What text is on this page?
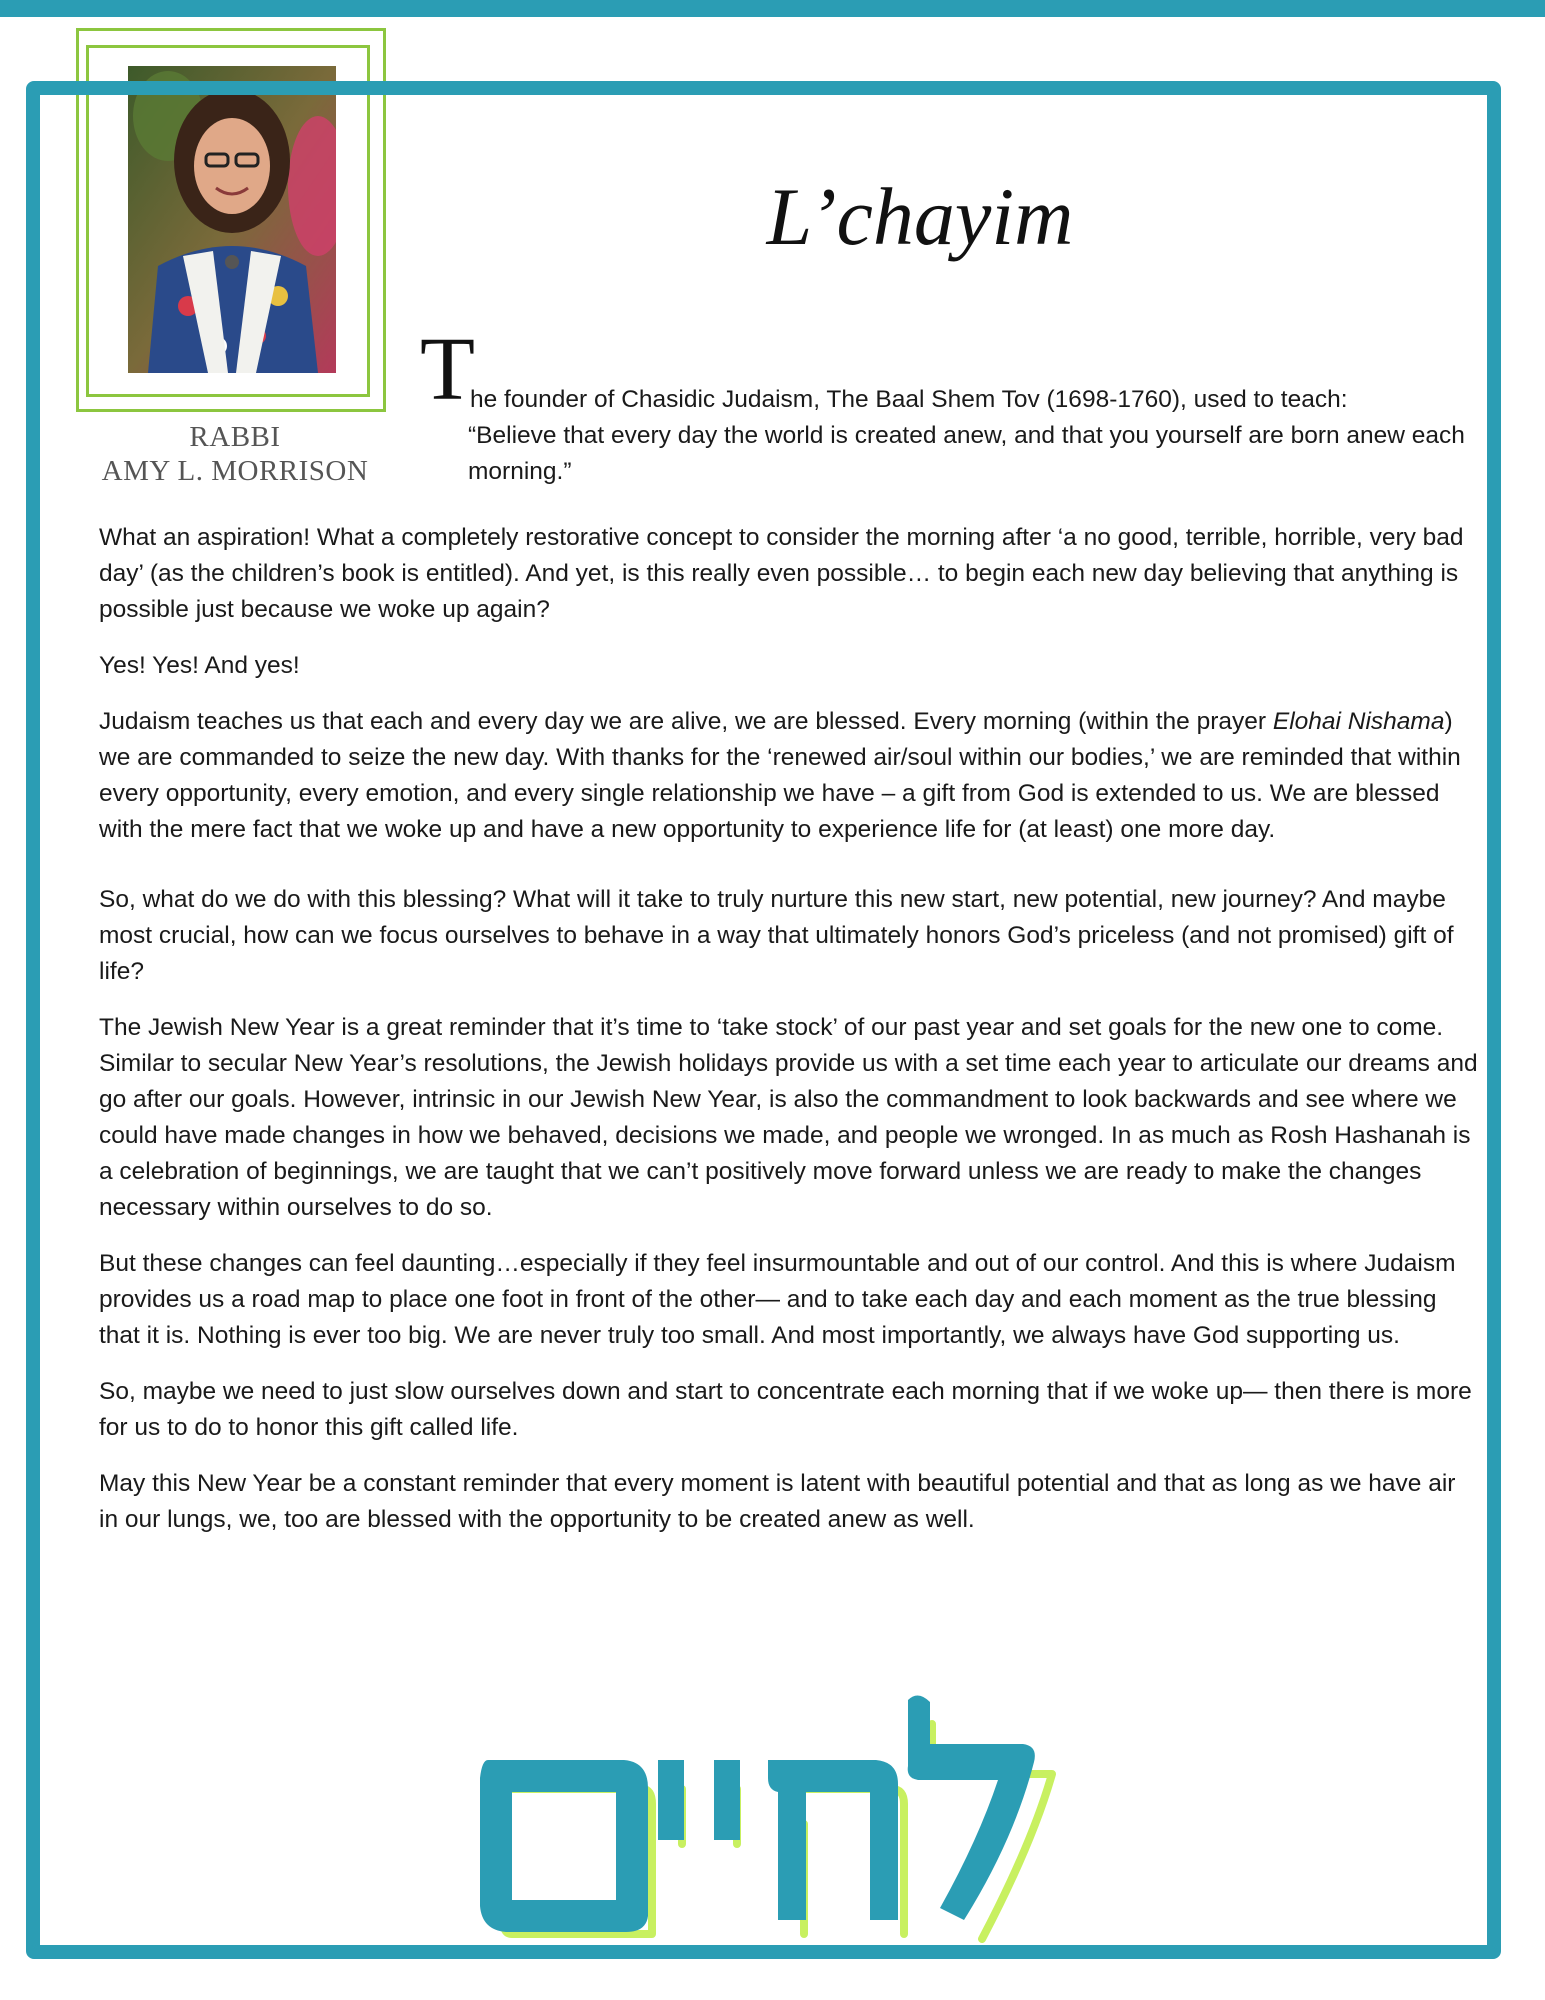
RABBI
AMY L. MORRISON
L’chayim
T
he founder of Chasidic Judaism, The Baal Shem Tov (1698-1760), used to teach:
“Believe that every day the world is created anew, and that you yourself are born anew each morning.”

What an aspiration! What a completely restorative concept to consider the morning after ‘a no good, terrible, horrible, very bad day’ (as the children’s book is entitled). And yet, is this really even possible… to begin each new day believing that anything is possible just because we woke up again?

Yes! Yes! And yes!

Judaism teaches us that each and every day we are alive, we are blessed. Every morning (within the prayer Elohai Nishama) we are commanded to seize the new day. With thanks for the ‘renewed air/soul within our bodies,’ we are reminded that within every opportunity, every emotion, and every single relationship we have – a gift from God is extended to us. We are blessed with the mere fact that we woke up and have a new opportunity to experience life for (at least) one more day.

So, what do we do with this blessing? What will it take to truly nurture this new start, new potential, new journey? And maybe most crucial, how can we focus ourselves to behave in a way that ultimately honors God’s priceless (and not promised) gift of life?

The Jewish New Year is a great reminder that it’s time to ‘take stock’ of our past year and set goals for the new one to come. Similar to secular New Year’s resolutions, the Jewish holidays provide us with a set time each year to articulate our dreams and go after our goals. However, intrinsic in our Jewish New Year, is also the commandment to look backwards and see where we could have made changes in how we behaved, decisions we made, and people we wronged. In as much as Rosh Hashanah is a celebration of beginnings, we are taught that we can’t positively move forward unless we are ready to make the changes necessary within ourselves to do so.

But these changes can feel daunting…especially if they feel insurmountable and out of our control. And this is where Judaism provides us a road map to place one foot in front of the other— and to take each day and each moment as the true blessing that it is. Nothing is ever too big. We are never truly too small. And most importantly, we always have God supporting us.

So, maybe we need to just slow ourselves down and start to concentrate each morning that if we woke up— then there is more for us to do to honor this gift called life.

May this New Year be a constant reminder that every moment is latent with beautiful potential and that as long as we have air in our lungs, we, too are blessed with the opportunity to be created anew as well.
